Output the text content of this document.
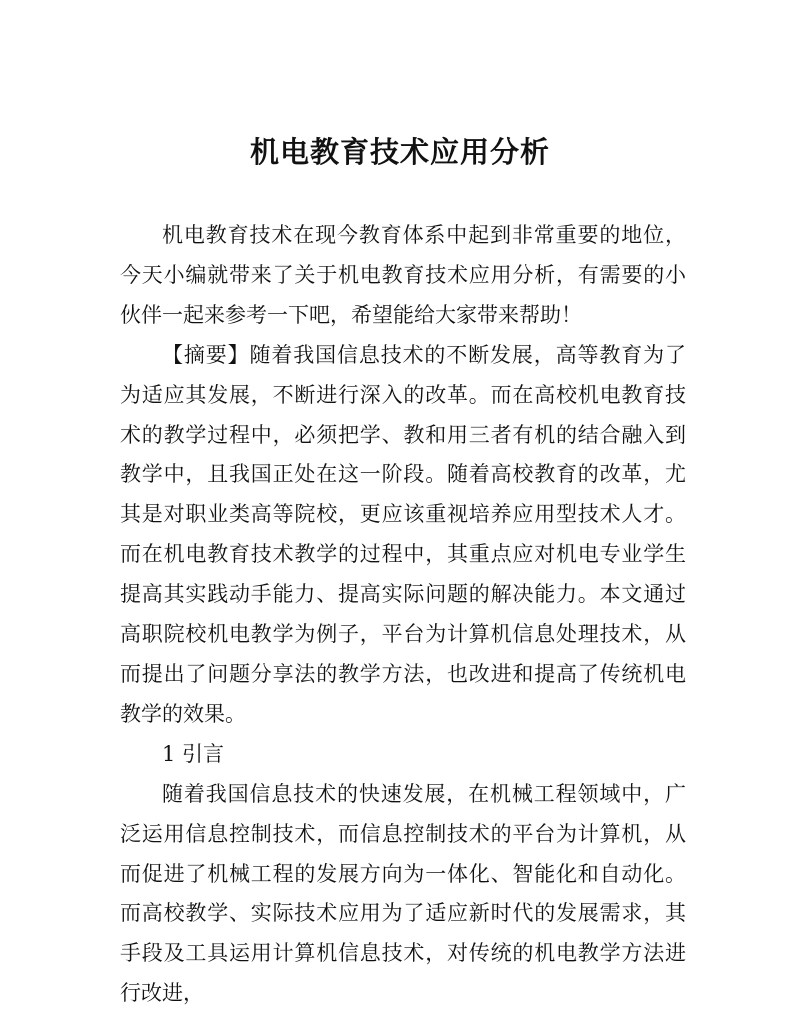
机电教育技术应用分析

机电教育技术在现今教育体系中起到非常重要的地位，今天小编就带来了关于机电教育技术应用分析，有需要的小伙伴一起来参考一下吧，希望能给大家带来帮助！

【摘要】随着我国信息技术的不断发展，高等教育为了为适应其发展，不断进行深入的改革。而在高校机电教育技术的教学过程中，必须把学、教和用三者有机的结合融入到教学中，且我国正处在这一阶段。随着高校教育的改革，尤其是对职业类高等院校，更应该重视培养应用型技术人才。而在机电教育技术教学的过程中，其重点应对机电专业学生提高其实践动手能力、提高实际问题的解决能力。本文通过高职院校机电教学为例子，平台为计算机信息处理技术，从而提出了问题分享法的教学方法，也改进和提高了传统机电教学的效果。

1 引言

随着我国信息技术的快速发展，在机械工程领域中，广泛运用信息控制技术，而信息控制技术的平台为计算机，从而促进了机械工程的发展方向为一体化、智能化和自动化。而高校教学、实际技术应用为了适应新时代的发展需求，其手段及工具运用计算机信息技术，对传统的机电教学方法进行改进，
